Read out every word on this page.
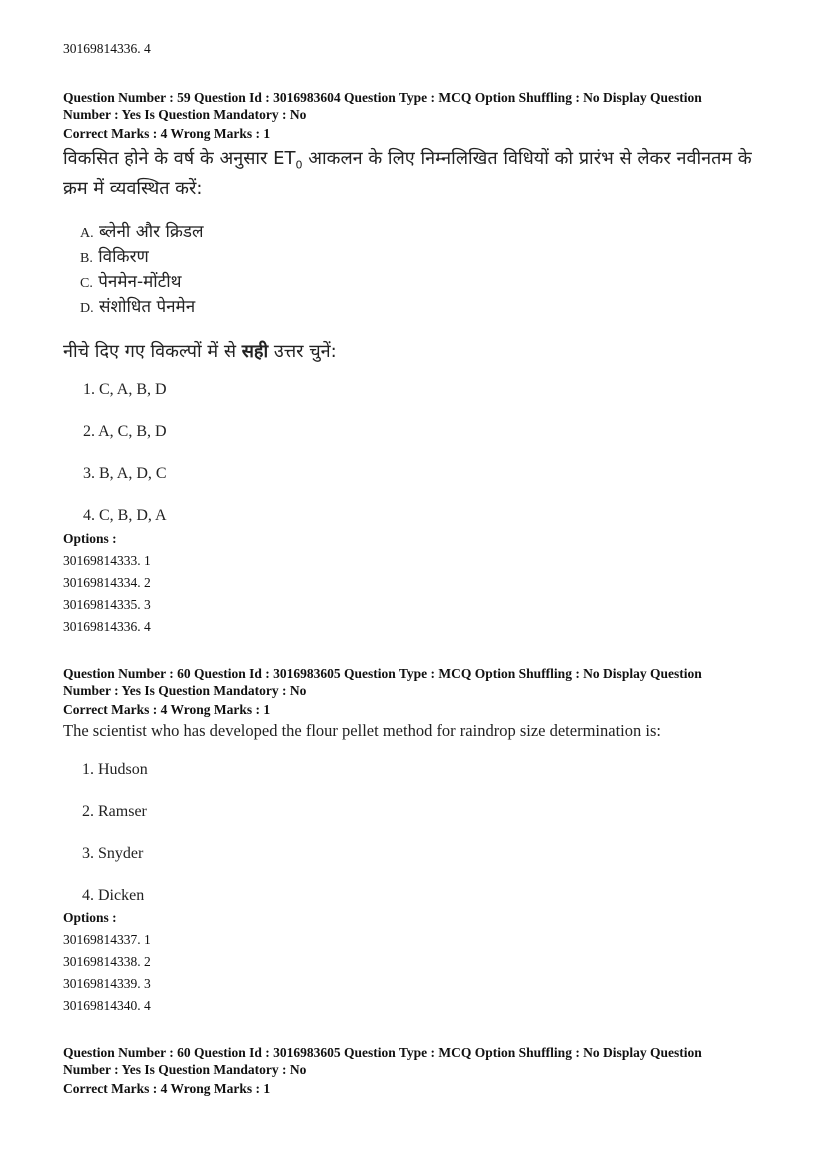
30169814336. 4
Question Number : 59 Question Id : 3016983604 Question Type : MCQ Option Shuffling : No Display Question
Number : Yes Is Question Mandatory : No
Correct Marks : 4 Wrong Marks : 1
विकसित होने के वर्ष के अनुसार $ET_0$ आकलन के लिए निम्नलिखित विधियों को प्रारंभ से लेकर नवीनतम के
क्रम में व्यवस्थित करें:
A. ब्लेनी और क्रिडल
B. विकिरण
C. पेनमेन-मोंटीथ
D. संशोधित पेनमेन
नीचे दिए गए विकल्पों में से सही उत्तर चुनें:
1. C, A, B, D
2. A, C, B, D
3. B, A, D, C
4. C, B, D, A
Options :
30169814333. 1
30169814334. 2
30169814335. 3
30169814336. 4
Question Number : 60 Question Id : 3016983605 Question Type : MCQ Option Shuffling : No Display Question
Number : Yes Is Question Mandatory : No
Correct Marks : 4 Wrong Marks : 1
The scientist who has developed the flour pellet method for raindrop size determination is:
1. Hudson
2. Ramser
3. Snyder
4. Dicken
Options :
30169814337. 1
30169814338. 2
30169814339. 3
30169814340. 4
Question Number : 60 Question Id : 3016983605 Question Type : MCQ Option Shuffling : No Display Question
Number : Yes Is Question Mandatory : No
Correct Marks : 4 Wrong Marks : 1
